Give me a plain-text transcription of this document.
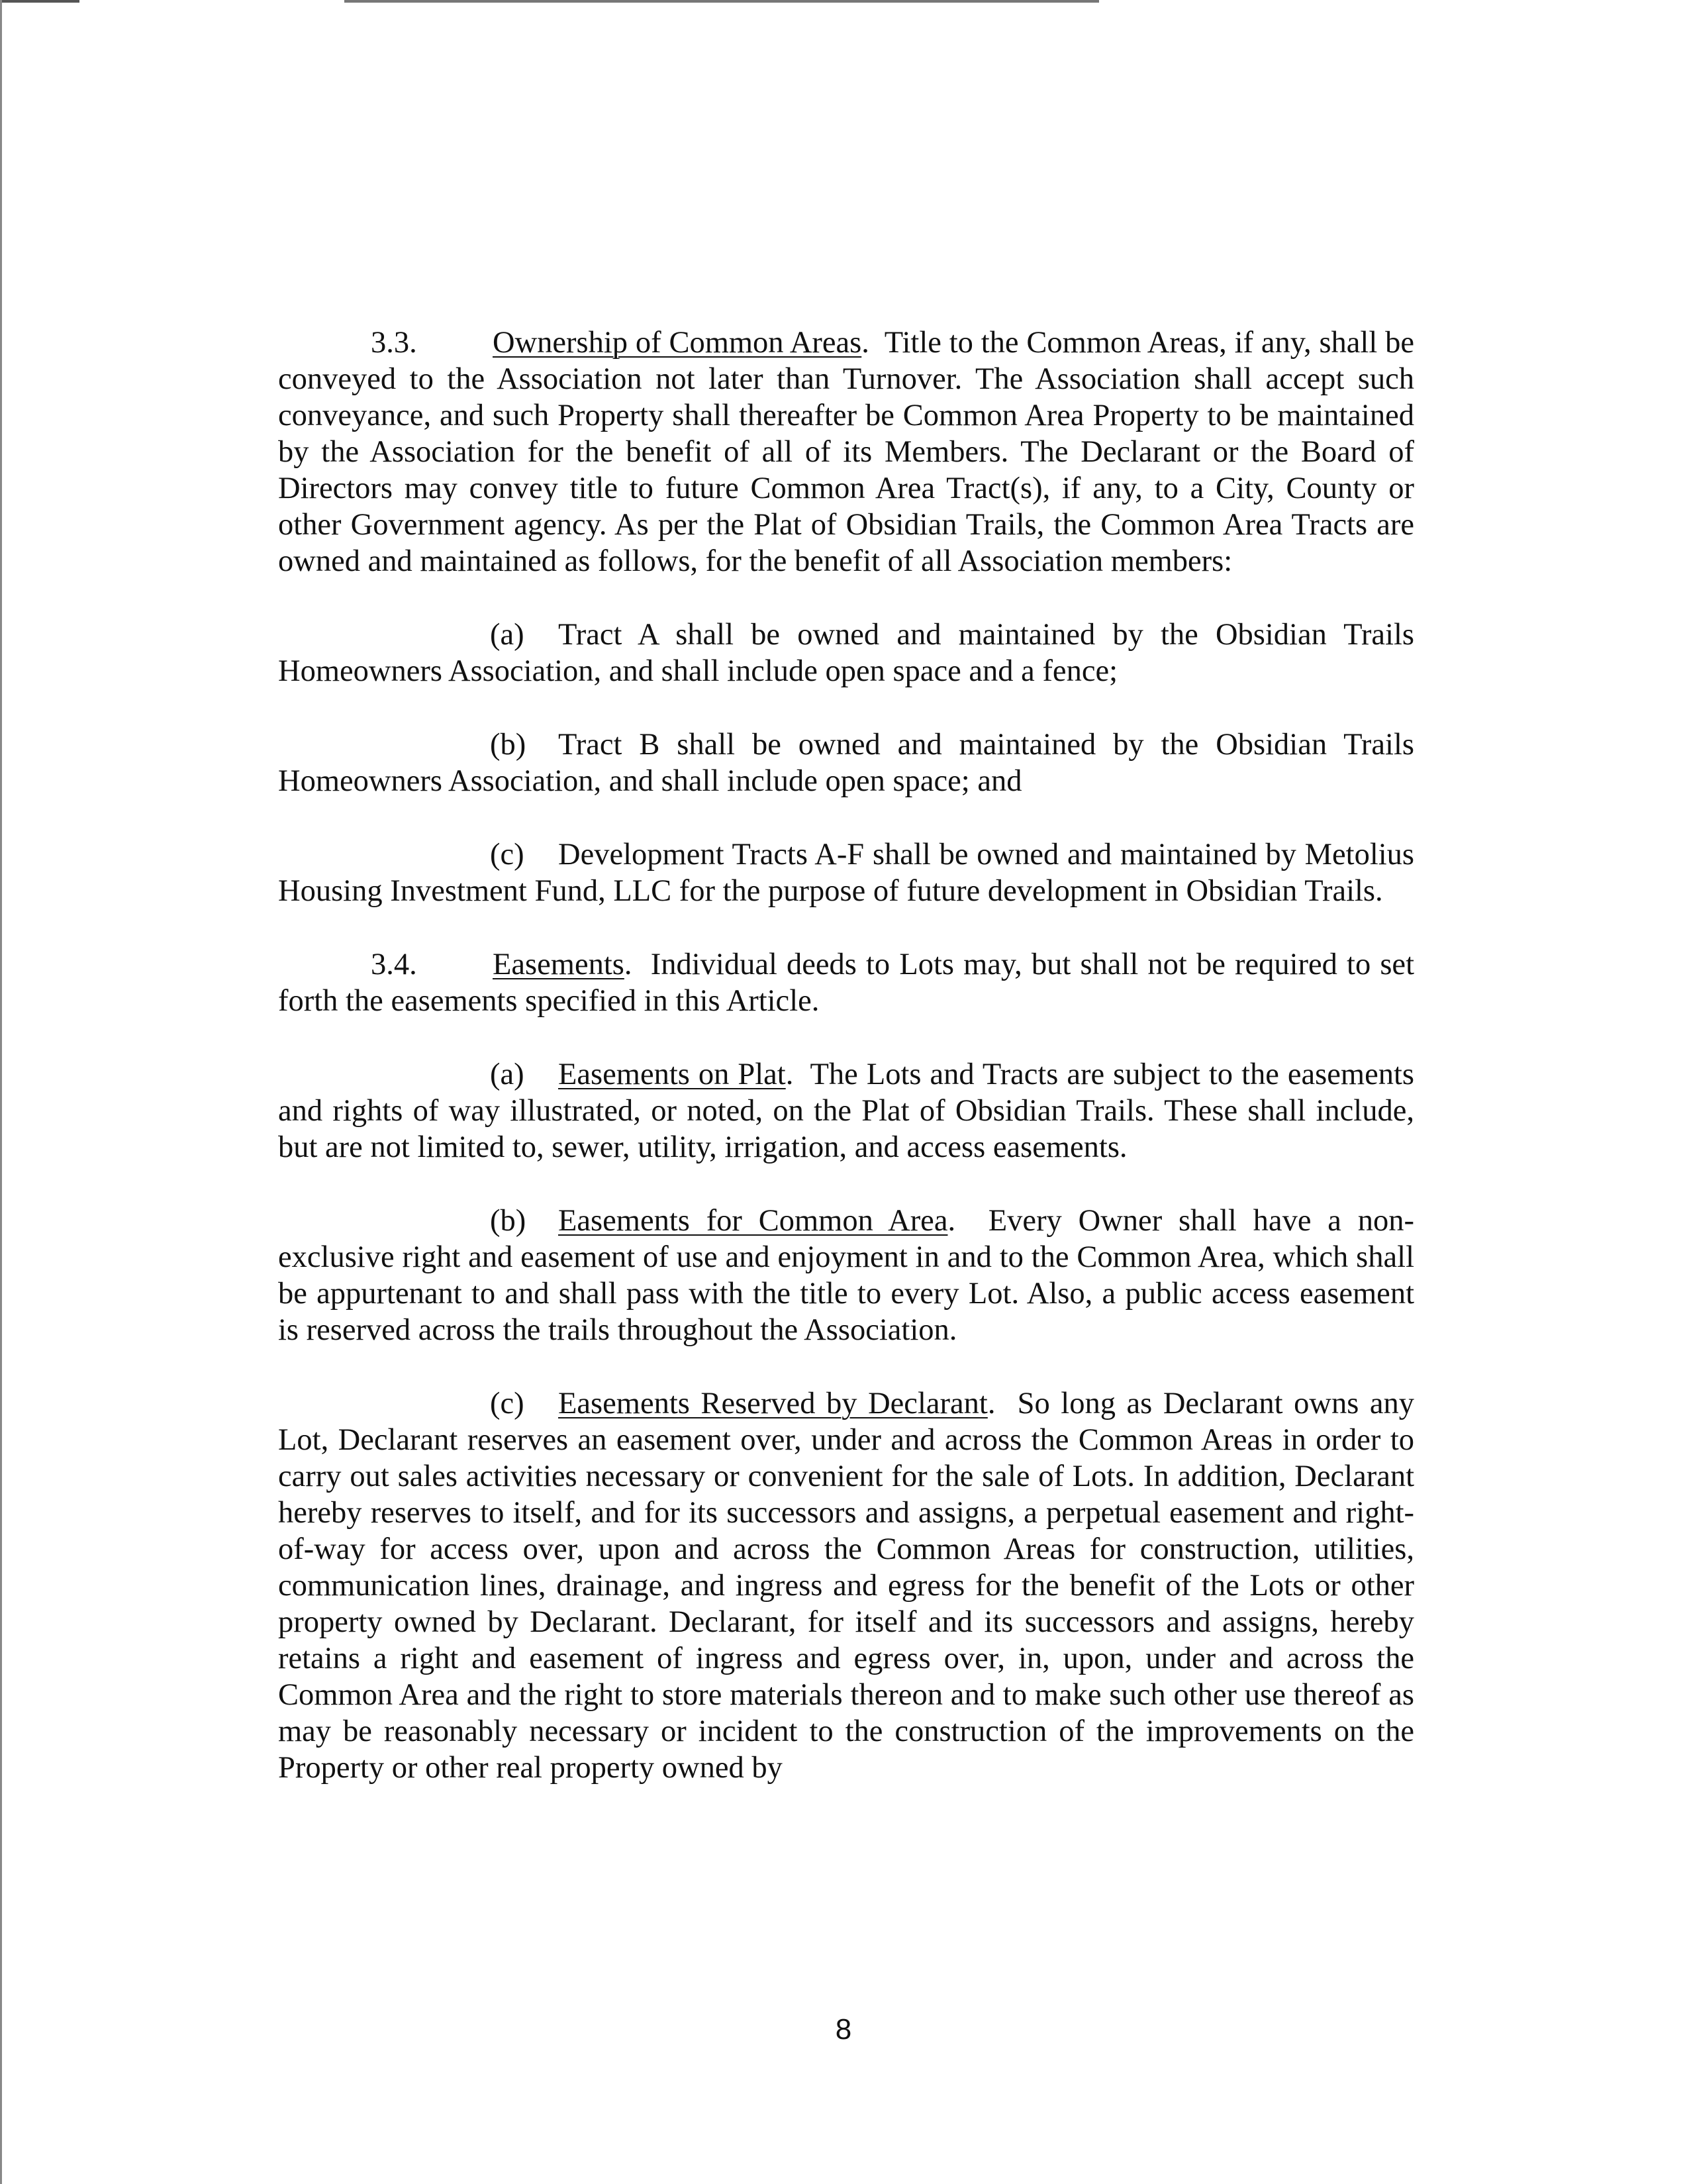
3.3. Ownership of Common Areas.  Title to the Common Areas, if any, shall be conveyed to the Association not later than Turnover. The Association shall accept such conveyance, and such Property shall thereafter be Common Area Property to be maintained by the Association for the benefit of all of its Members. The Declarant or the Board of Directors may convey title to future Common Area Tract(s), if any, to a City, County or other Government agency. As per the Plat of Obsidian Trails, the Common Area Tracts are owned and maintained as follows, for the benefit of all Association members:

(a) Tract A shall be owned and maintained by the Obsidian Trails Homeowners Association, and shall include open space and a fence;

(b) Tract B shall be owned and maintained by the Obsidian Trails Homeowners Association, and shall include open space; and

(c) Development Tracts A-F shall be owned and maintained by Metolius Housing Investment Fund, LLC for the purpose of future development in Obsidian Trails.

3.4. Easements.  Individual deeds to Lots may, but shall not be required to set forth the easements specified in this Article.

(a) Easements on Plat.  The Lots and Tracts are subject to the easements and rights of way illustrated, or noted, on the Plat of Obsidian Trails. These shall include, but are not limited to, sewer, utility, irrigation, and access easements.

(b) Easements for Common Area.  Every Owner shall have a non-exclusive right and easement of use and enjoyment in and to the Common Area, which shall be appurtenant to and shall pass with the title to every Lot. Also, a public access easement is reserved across the trails throughout the Association.

(c) Easements Reserved by Declarant.  So long as Declarant owns any Lot, Declarant reserves an easement over, under and across the Common Areas in order to carry out sales activities necessary or convenient for the sale of Lots. In addition, Declarant hereby reserves to itself, and for its successors and assigns, a perpetual easement and right-of-way for access over, upon and across the Common Areas for construction, utilities, communication lines, drainage, and ingress and egress for the benefit of the Lots or other property owned by Declarant. Declarant, for itself and its successors and assigns, hereby retains a right and easement of ingress and egress over, in, upon, under and across the Common Area and the right to store materials thereon and to make such other use thereof as may be reasonably necessary or incident to the construction of the improvements on the Property or other real property owned by

8
